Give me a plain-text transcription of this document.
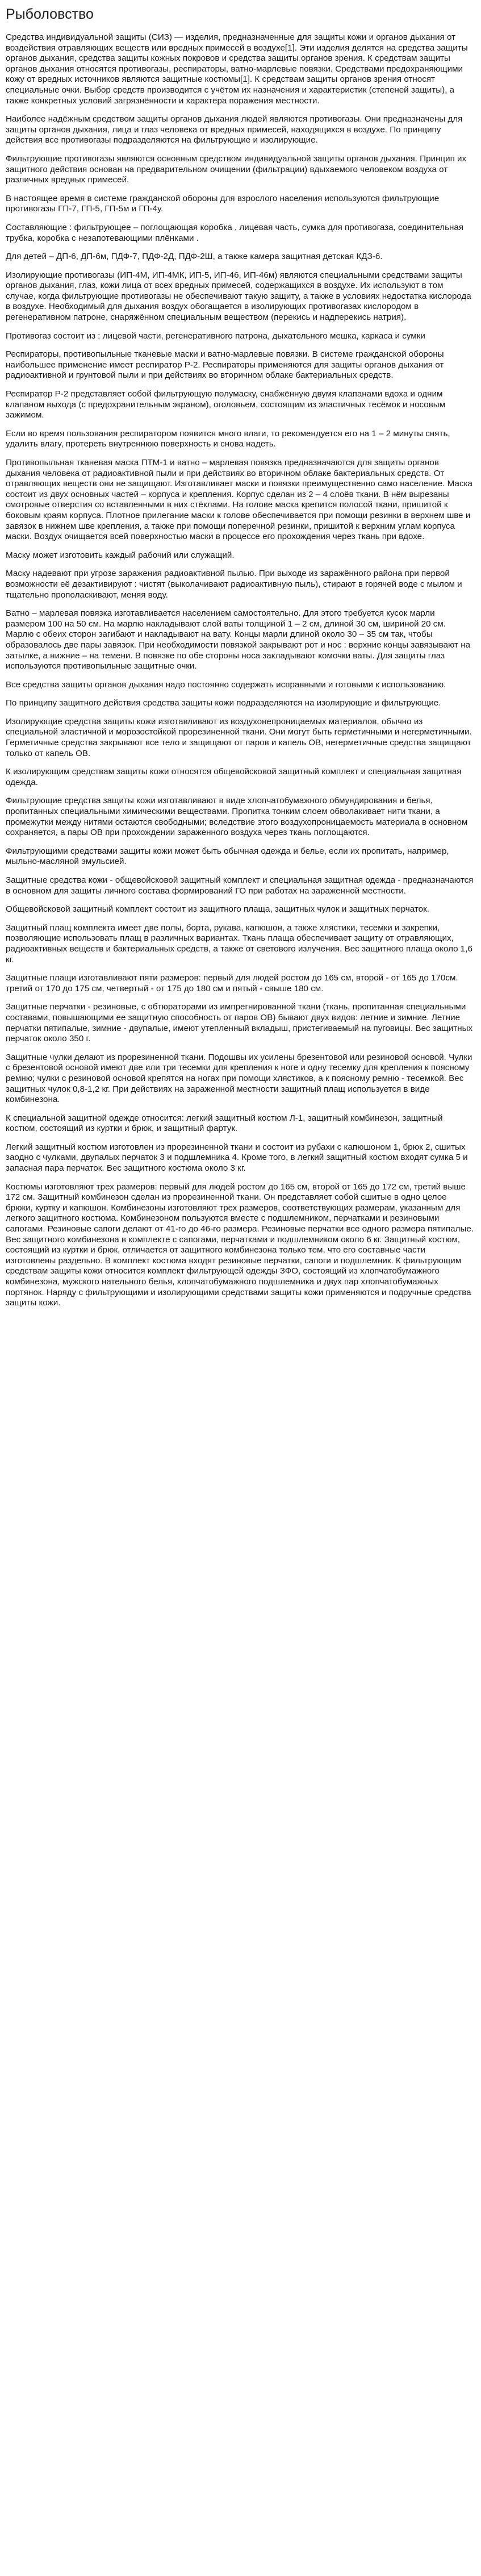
Рыболовство

Средства индивидуальной защиты (СИЗ) — изделия, предназначенные для защиты кожи и органов дыхания от воздействия отравляющих веществ или вредных примесей в воздухе[1]. Эти изделия делятся на средства защиты органов дыхания, средства защиты кожных покровов и средства защиты органов зрения. К средствам защиты органов дыхания относятся противогазы, респираторы, ватно-марлевые повязки. Средствами предохраняющими кожу от вредных источников являются защитные костюмы[1]. К средствам защиты органов зрения относят специальные очки. Выбор средств производится с учётом их назначения и характеристик (степеней защиты), а также конкретных условий загрязнённости и характера поражения местности.

Наиболее надёжным средством защиты органов дыхания людей являются противогазы. Они предназначены для защиты органов дыхания, лица и глаз человека от вредных примесей, находящихся в воздухе. По принципу действия все противогазы подразделяются на фильтрующие и изолирующие.

Фильтрующие противогазы являются основным средством индивидуальной защиты органов дыхания. Принцип их защитного действия основан на предварительном очищении (фильтрации) вдыхаемого человеком воздуха от различных вредных примесей.

В настоящее время в системе гражданской обороны для взрослого населения используются фильтрующие противогазы ГП-7, ГП-5, ГП-5м и ГП-4у.

Составляющие : фильтрующее – поглощающая коробка , лицевая часть, сумка для противогаза, соединительная трубка, коробка с незапотевающими плёнками .

Для детей – ДП-6, ДП-6м, ПДФ-7, ПДФ-2Д, ПДФ-2Ш, а также камера защитная детская КДЗ-6.

Изолирующие противогазы (ИП-4М, ИП-4МК, ИП-5, ИП-46, ИП-46м) являются специальными средствами защиты органов дыхания, глаз, кожи лица от всех вредных примесей, содержащихся в воздухе. Их используют в том случае, когда фильтрующие противогазы не обеспечивают такую защиту, а также в условиях недостатка кислорода в воздухе. Необходимый для дыхания воздух обогащается в изолирующих противогазах кислородом в регенеративном патроне, снаряжённом специальным веществом (перекись и надперекись натрия).

Противогаз состоит из : лицевой части, регенеративного патрона, дыхательного мешка, каркаса и сумки

Респираторы, противопыльные тканевые маски и ватно-марлевые повязки. В системе гражданской обороны наибольшее применение имеет респиратор Р-2. Респираторы применяются для защиты органов дыхания от радиоактивной и грунтовой пыли и при действиях во вторичном облаке бактериальных средств.

Респиратор Р-2 представляет собой фильтрующую полумаску, снабжённую двумя клапанами вдоха и одним клапаном выхода (с предохранительным экраном), оголовьем, состоящим из эластичных тесёмок и носовым зажимом.

Если во время пользования респиратором появится много влаги, то рекомендуется его на 1 – 2 минуты снять, удалить влагу, протереть внутреннюю поверхность и снова надеть.

Противопыльная тканевая маска ПТМ-1 и ватно – марлевая повязка предназначаются для защиты органов дыхания человека от радиоактивной пыли и при действиях во вторичном облаке бактериальных средств. От отравляющих веществ они не защищают. Изготавливает маски и повязки преимущественно само население. Маска состоит из двух основных частей – корпуса и крепления. Корпус сделан из 2 – 4 слоёв ткани. В нём вырезаны смотровые отверстия со вставленными в них стёклами. На голове маска крепится полосой ткани, пришитой к боковым краям корпуса. Плотное прилегание маски к голове обеспечивается при помощи резинки в верхнем шве и завязок в нижнем шве крепления, а также при помощи поперечной резинки, пришитой к верхним углам корпуса маски. Воздух очищается всей поверхностью маски в процессе его прохождения через ткань при вдохе.

Маску может изготовить каждый рабочий или служащий.

Маску надевают при угрозе заражения радиоактивной пылью. При выходе из заражённого района при первой возможности её дезактивируют : чистят (выколачивают радиоактивную пыль), стирают в горячей воде с мылом и тщательно прополаскивают, меняя воду.

Ватно – марлевая повязка изготавливается населением самостоятельно. Для этого требуется кусок марли размером 100 на 50 см. На марлю накладывают слой ваты толщиной 1 – 2 см, длиной 30 см, шириной 20 см. Марлю с обеих сторон загибают и накладывают на вату. Концы марли длиной около 30 – 35 см так, чтобы образовалось две пары завязок. При необходимости повязкой закрывают рот и нос : верхние концы завязывают на затылке, а нижние – на темени. В повязке по обе стороны носа закладывают комочки ваты. Для защиты глаз используются противопыльные защитные очки.

Все средства защиты органов дыхания надо постоянно содержать исправными и готовыми к использованию.

По принципу защитного действия средства защиты кожи подразделяются на изолирующие и фильтрующие.

Изолирующие средства защиты кожи изготавливают из воздухонепроницаемых материалов, обычно из специальной эластичной и морозостойкой прорезиненной ткани. Они могут быть герметичными и негерметичными. Герметичные средства закрывают все тело и защищают от паров и капель ОВ, негерметичные средства защищают только от капель ОВ.

К изолирующим средствам защиты кожи относятся общевойсковой защитный комплект и специальная защитная одежда.

Фильтрующие средства защиты кожи изготавливают в виде хлопчатобумажного обмундирования и белья, пропитанных специальными химическими веществами. Пропитка тонким слоем обволакивает нити ткани, а промежутки между нитями остаются свободными; вследствие этого воздухопроницаемость материала в основном сохраняется, а пары ОВ при прохождении зараженного воздуха через ткань поглощаются.

Фильтрующими средствами защиты кожи может быть обычная одежда и белье, если их пропитать, например, мыльно-масляной эмульсией.

Защитные средства кожи - общевойсковой защитный комплект и специальная защитная одежда - предназначаются в основном для защиты личного состава формирований ГО при работах на зараженной местности.

Общевойсковой защитный комплект состоит из защитного плаща, защитных чулок и защитных перчаток.

Защитный плащ комплекта имеет две полы, борта, рукава, капюшон, а также хлястики, тесемки и закрепки, позволяющие использовать плащ в различных вариантах. Ткань плаща обеспечивает защиту от отравляющих, радиоактивных веществ и бактериальных средств, а также от светового излучения. Вес защитного плаща около 1,6 кг.

Защитные плащи изготавливают пяти размеров: первый для людей ростом до 165 см, второй - от 165 до 170см. третий от 170 до 175 см, четвертый - от 175 до 180 см и пятый - свыше 180 см.

Защитные перчатки - резиновые, с обтюраторами из импрегнированной ткани (ткань, пропитанная специальными составами, повышающими ее защитную способность от паров ОВ) бывают двух видов: летние и зимние. Летние перчатки пятипалые, зимние - двупалые, имеют утепленный вкладыш, пристегиваемый на пуговицы. Вес защитных перчаток около 350 г.

Защитные чулки делают из прорезиненной ткани. Подошвы их усилены брезентовой или резиновой основой. Чулки с брезентовой основой имеют две или три тесемки для крепления к ноге и одну тесемку для крепления к поясному ремню; чулки с резиновой основой крепятся на ногах при помощи хлястиков, а к поясному ремню - тесемкой. Вес защитных чулок 0,8-1,2 кг. При действиях на зараженной местности защитный плащ используется в виде комбинезона.

К специальной защитной одежде относится: легкий защитный костюм Л-1, защитный комбинезон, защитный костюм, состоящий из куртки и брюк, и защитный фартук.

Легкий защитный костюм изготовлен из прорезиненной ткани и состоит из рубахи с капюшоном 1, брюк 2, сшитых заодно с чулками, двупалых перчаток 3 и подшлемника 4. Кроме того, в легкий защитный костюм входят сумка 5 и запасная пара перчаток. Вес защитного костюма около 3 кг.

Костюмы изготовляют трех размеров: первый для людей ростом до 165 см, второй от 165 до 172 см, третий выше 172 см. Защитный комбинезон сделан из прорезиненной ткани. Он представляет собой сшитые в одно целое брюки, куртку и капюшон. Комбинезоны изготовляют трех размеров, соответствующих размерам, указанным для легкого защитного костюма. Комбинезоном пользуются вместе с подшлемником, перчатками и резиновыми сапогами. Резиновые сапоги делают от 41-го до 46-го размера. Резиновые перчатки все одного размера пятипалые. Вес защитного комбинезона в комплекте с сапогами, перчатками и подшлемником около 6 кг. Защитный костюм, состоящий из куртки и брюк, отличается от защитного комбинезона только тем, что его составные части изготовлены раздельно. В комплект костюма входят резиновые перчатки, сапоги и подшлемник. К фильтрующим средствам защиты кожи относится комплект фильтрующей одежды ЗФО, состоящий из хлопчатобумажного комбинезона, мужского нательного белья, хлопчатобумажного подшлемника и двух пар хлопчатобумажных портянок. Наряду с фильтрующими и изолирующими средствами защиты кожи применяются и подручные средства защиты кожи.
